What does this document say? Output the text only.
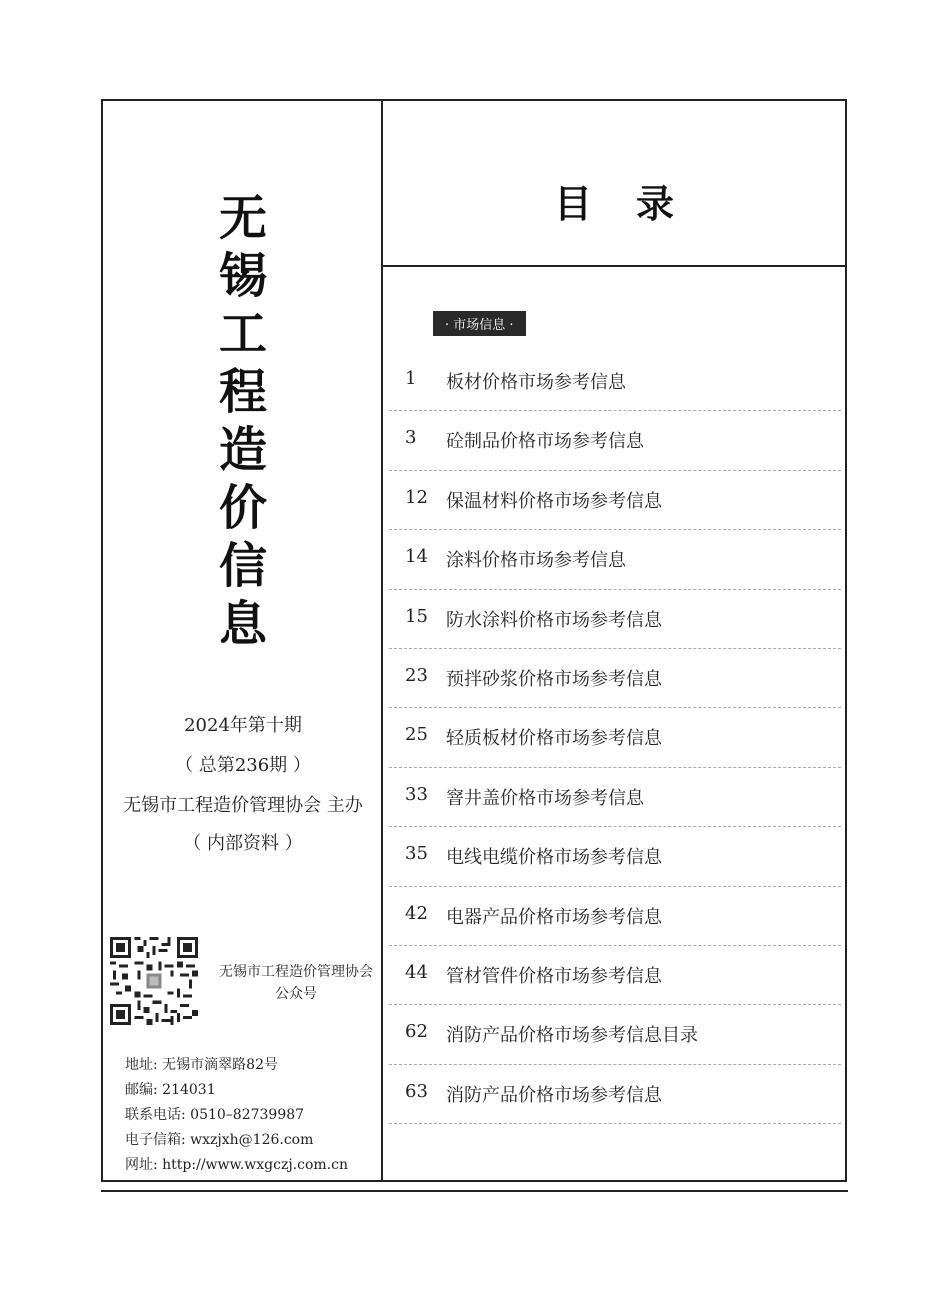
无
锡
工
程
造
价
信
息
2024年第十期
（ 总第236期 ）
无锡市工程造价管理协会 主办
（ 内部资料 ）
无锡市工程造价管理协会
公众号
地址: 无锡市滴翠路82号
邮编: 214031
联系电话: 0510–82739987
电子信箱: wxzjxh@126.com
网址: http://www.wxgczj.com.cn
目录
· 市场信息 ·
1 板材价格市场参考信息
3 砼制品价格市场参考信息
12 保温材料价格市场参考信息
14 涂料价格市场参考信息
15 防水涂料价格市场参考信息
23 预拌砂浆价格市场参考信息
25 轻质板材价格市场参考信息
33 窨井盖价格市场参考信息
35 电线电缆价格市场参考信息
42 电器产品价格市场参考信息
44 管材管件价格市场参考信息
62 消防产品价格市场参考信息目录
63 消防产品价格市场参考信息
